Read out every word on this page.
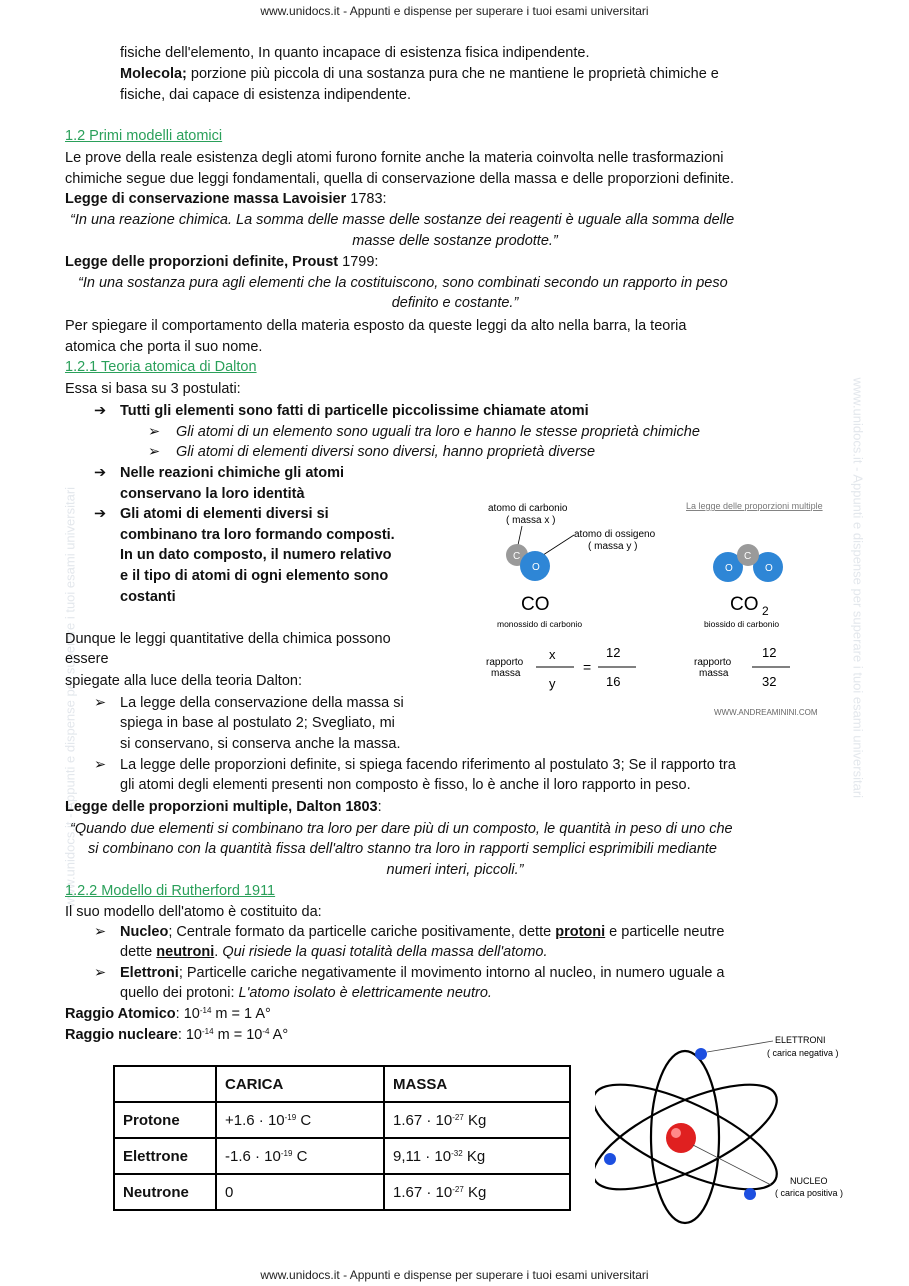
www.unidocs.it - Appunti e dispense per superare i tuoi esami universitari	www.unidocs.it - Appunti e dispense per superare i tuoi esami universitari
www.unidocs.it - Appunti e dispense per superare i tuoi esami universitari
www.unidocs.it - Appunti e dispense per superare i tuoi esami universitari
fisiche dell'elemento, In quanto incapace di esistenza fisica indipendente.
Molecola; porzione più piccola di una sostanza pura che ne mantiene le proprietà chimiche e
fisiche, dai capace di esistenza indipendente.
1.2 Primi modelli atomici
Le prove della reale esistenza degli atomi furono fornite anche la materia coinvolta nelle trasformazioni
chimiche segue due leggi fondamentali, quella di conservazione della massa e delle proporzioni definite.
Legge di conservazione massa Lavoisier 1783:
“In una reazione chimica. La somma delle masse delle sostanze dei reagenti è uguale alla somma delle
masse delle sostanze prodotte.”
Legge delle proporzioni definite, Proust 1799:
“In una sostanza pura agli elementi che la costituiscono, sono combinati secondo un rapporto in peso
definito e costante.”
Per spiegare il comportamento della materia esposto da queste leggi da alto nella barra, la teoria
atomica che porta il suo nome.
1.2.1 Teoria atomica di Dalton
Essa si basa su 3 postulati:
➔ Tutti gli elementi sono fatti di particelle piccolissime chiamate atomi
➢ Gli atomi di un elemento sono uguali tra loro e hanno le stesse proprietà chimiche
➢ Gli atomi di elementi diversi sono diversi, hanno proprietà diverse
➔ Nelle reazioni chimiche gli atomi
conservano la loro identità
➔ Gli atomi di elementi diversi si
combinano tra loro formando composti.
In un dato composto, il numero relativo
e il tipo di atomi di ogni elemento sono
costanti
Dunque le leggi quantitative della chimica possono
essere
spiegate alla luce della teoria Dalton:
➢ La legge della conservazione della massa si
spiega in base al postulato 2; Svegliato, mi
si conservano, si conserva anche la massa.
➢ La legge delle proporzioni definite, si spiega facendo riferimento al postulato 3; Se il rapporto tra
gli atomi degli elementi presenti non composto è fisso, lo è anche il loro rapporto in peso.
Legge delle proporzioni multiple, Dalton 1803:
“Quando due elementi si combinano tra loro per dare più di un composto, le quantità in peso di uno che
si combinano con la quantità fissa dell'altro stanno tra loro in rapporti semplici esprimibili mediante
numeri interi, piccoli.”
La legge delle proporzioni multiple
atomo di carbonio
( massa x )
atomo di ossigeno
( massa y )
C
O
CO
monossido di carbonio
O
C
O
CO 2
biossido di carbonio
rapporto
massa
x
y
=
12
16
rapporto
massa
12
32
WWW.ANDREAMININI.COM
1.2.2 Modello di Rutherford 1911
Il suo modello dell'atomo è costituito da:
➢ Nucleo; Centrale formato da particelle cariche positivamente, dette protoni e particelle neutre
dette neutroni. Qui risiede la quasi totalità della massa dell'atomo.
➢ Elettroni; Particelle cariche negativamente il movimento intorno al nucleo, in numero uguale a
quello dei protoni: L'atomo isolato è elettricamente neutro.
Raggio Atomico: $10^{-14}$ m = 1 A°
Raggio nucleare: $10^{-14}$ $m = 10^{-4}$ A°
	CARICA	MASSA
Protone	$+1.6 \cdot 10^{-19}$ C	$1.67 \cdot 10^{-27}$ Kg
Elettrone	$-1.6 \cdot 10^{-19}$ C	$9,11 \cdot 10^{-32}$ Kg
Neutrone	0	$1.67 \cdot 10^{-27}$ Kg
ELETTRONI
( carica negativa )
NUCLEO
( carica positiva )
